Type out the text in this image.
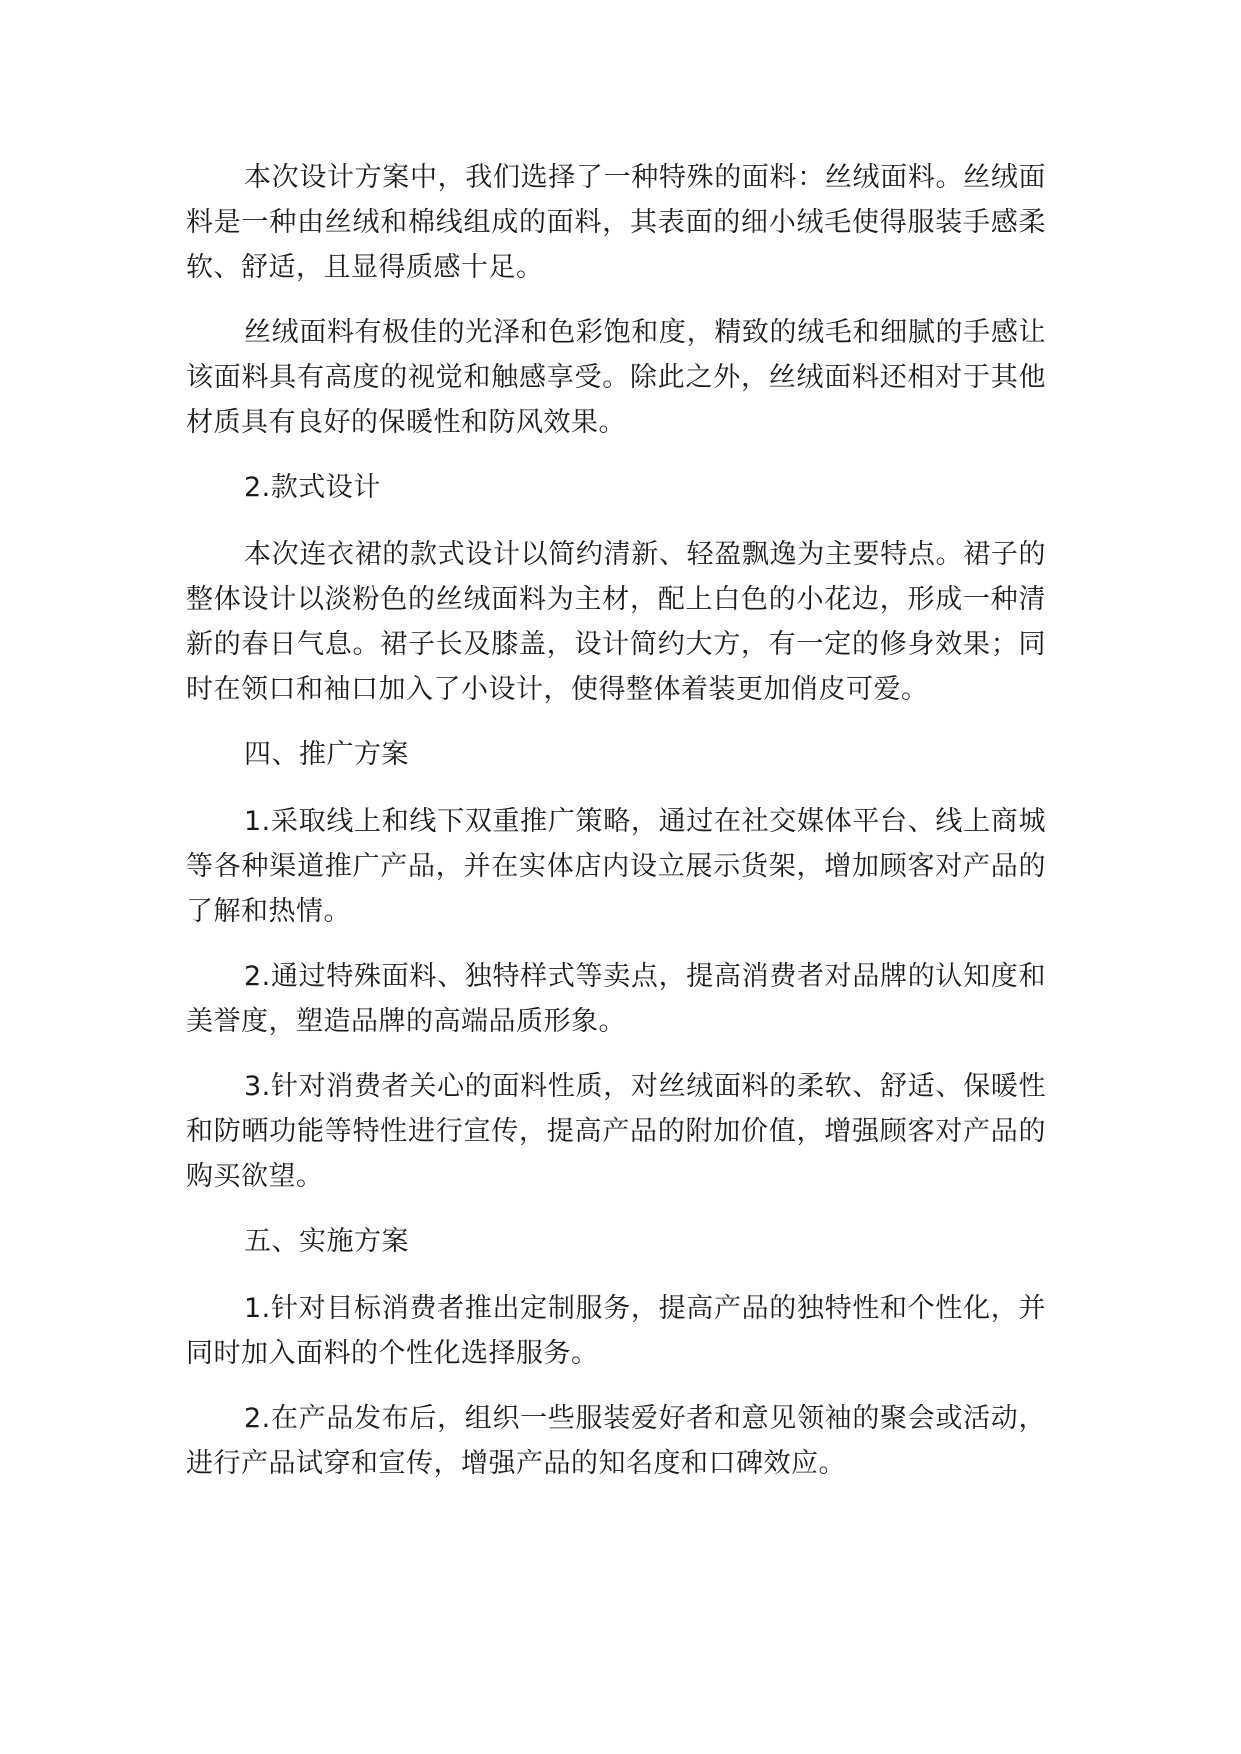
本次设计方案中，我们选择了一种特殊的面料：丝绒面料。丝绒面料是一种由丝绒和棉线组成的面料，其表面的细小绒毛使得服装手感柔软、舒适，且显得质感十足。

丝绒面料有极佳的光泽和色彩饱和度，精致的绒毛和细腻的手感让该面料具有高度的视觉和触感享受。除此之外，丝绒面料还相对于其他材质具有良好的保暖性和防风效果。

2.款式设计

本次连衣裙的款式设计以简约清新、轻盈飘逸为主要特点。裙子的整体设计以淡粉色的丝绒面料为主材，配上白色的小花边，形成一种清新的春日气息。裙子长及膝盖，设计简约大方，有一定的修身效果；同时在领口和袖口加入了小设计，使得整体着装更加俏皮可爱。

四、推广方案

1.采取线上和线下双重推广策略，通过在社交媒体平台、线上商城等各种渠道推广产品，并在实体店内设立展示货架，增加顾客对产品的了解和热情。

2.通过特殊面料、独特样式等卖点，提高消费者对品牌的认知度和美誉度，塑造品牌的高端品质形象。

3.针对消费者关心的面料性质，对丝绒面料的柔软、舒适、保暖性和防晒功能等特性进行宣传，提高产品的附加价值，增强顾客对产品的购买欲望。

五、实施方案

1.针对目标消费者推出定制服务，提高产品的独特性和个性化，并同时加入面料的个性化选择服务。

2.在产品发布后，组织一些服装爱好者和意见领袖的聚会或活动，进行产品试穿和宣传，增强产品的知名度和口碑效应。
